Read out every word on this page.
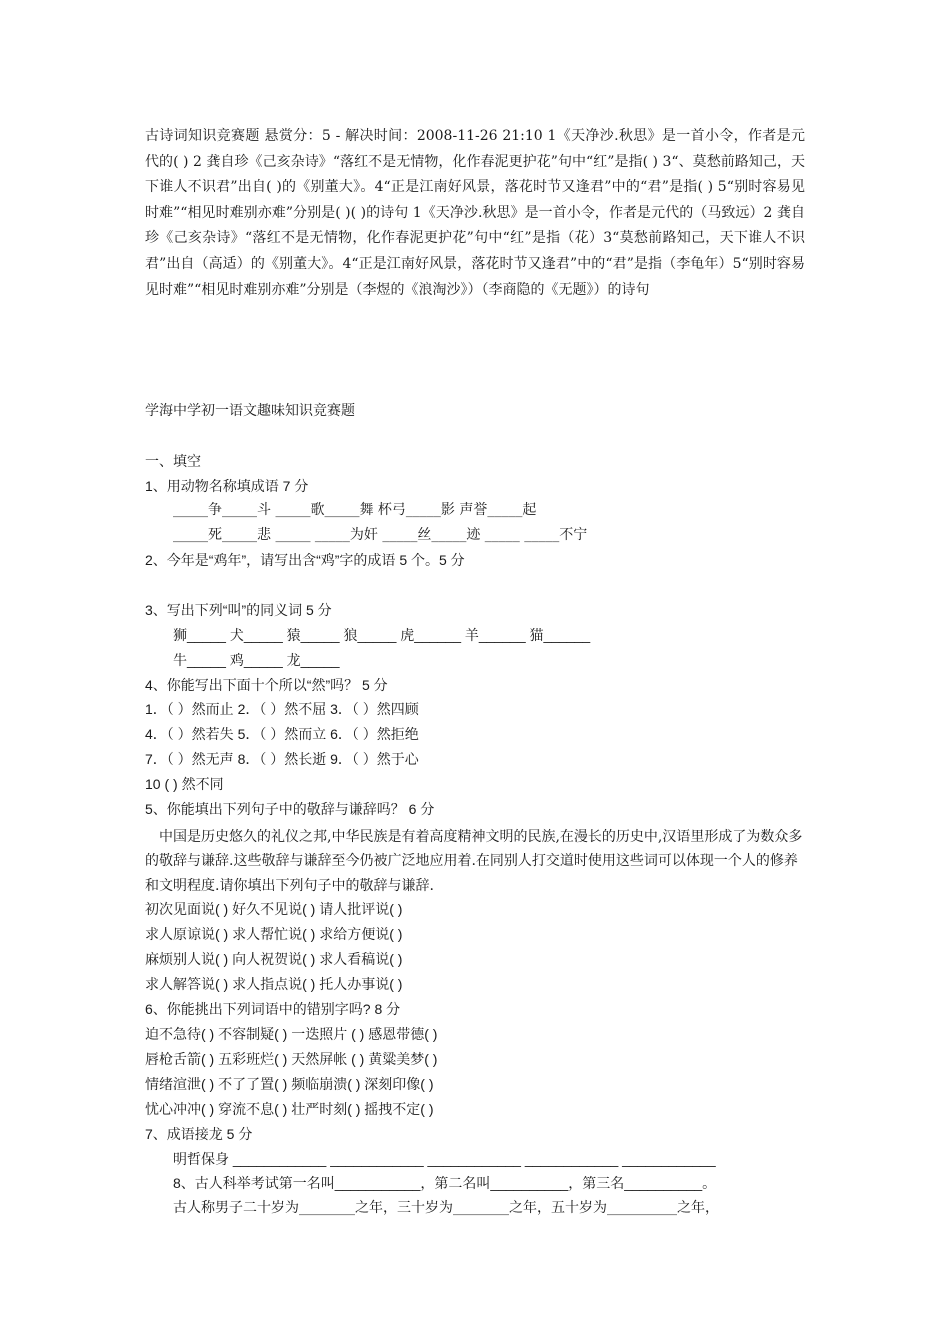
古诗词知识竞赛题 悬赏分：5 - 解决时间：2008-11-26 21:10 1《天净沙.秋思》是一首小令，作者是元代的( ) 2 龚自珍《己亥杂诗》“落红不是无情物，化作春泥更护花”句中“红”是指( ) 3“、莫愁前路知己，天下谁人不识君”出自( )的《别董大》。4“正是江南好风景，落花时节又逢君”中的“君”是指( ) 5“别时容易见时难”“相见时难别亦难”分别是( )( )的诗句 1《天净沙.秋思》是一首小令，作者是元代的（马致远）2 龚自珍《己亥杂诗》“落红不是无情物，化作春泥更护花”句中“红”是指（花）3“莫愁前路知己，天下谁人不识君”出自（高适）的《别董大》。4“正是江南好风景，落花时节又逢君”中的“君”是指（李龟年）5“别时容易见时难”“相见时难别亦难”分别是（李煜的《浪淘沙》）（李商隐的《无题》）的诗句

学海中学初一语文趣味知识竞赛题

一、填空
1、用动物名称填成语 7 分
_____争_____斗 _____歌_____舞 杯弓_____影 声誉_____起
_____死_____悲 _____ _____为奸 _____丝_____迹 _____ _____不宁
2、今年是“鸡年”，请写出含“鸡”字的成语 5 个。5 分
3、写出下列“叫”的同义词 5 分
狮_____ 犬_____ 猿_____ 狼_____ 虎______ 羊______ 猫______
牛_____ 鸡_____ 龙_____
4、你能写出下面十个所以“然”吗？ 5 分
1．（ ）然而止 2．（ ）然不屈 3．（ ）然四顾
4．（ ）然若失 5．（ ）然而立 6．（ ）然拒绝
7．（ ）然无声 8．（ ）然长逝 9．（ ）然于心
10 ( ) 然不同
5、你能填出下列句子中的敬辞与谦辞吗？ 6 分

中国是历史悠久的礼仪之邦,中华民族是有着高度精神文明的民族,在漫长的历史中,汉语里形成了为数众多的敬辞与谦辞.这些敬辞与谦辞至今仍被广泛地应用着.在同别人打交道时使用这些词可以体现一个人的修养和文明程度.请你填出下列句子中的敬辞与谦辞.

初次见面说( ) 好久不见说( ) 请人批评说( )
求人原谅说( ) 求人帮忙说( ) 求给方便说( )
麻烦别人说( ) 向人祝贺说( ) 求人看稿说( )
求人解答说( ) 求人指点说( ) 托人办事说( )
6、你能挑出下列词语中的错别字吗? 8 分
迫不急待( ) 不容制疑( ) 一迭照片 ( ) 感恩带德( )
唇枪舌箭( ) 五彩班烂( ) 天然屏帐 ( ) 黄粱美梦( )
情绪渲泄( ) 不了了置( ) 频临崩溃( ) 深刻印像( )
忧心冲冲( ) 穿流不息( ) 壮严时刻( ) 摇拽不定( )
7、成语接龙 5 分
明哲保身 ____________ ____________ ____________ ____________ ____________
8、古人科举考试第一名叫___________，第二名叫__________，第三名__________。
古人称男子二十岁为________之年，三十岁为________之年，五十岁为__________之年，
